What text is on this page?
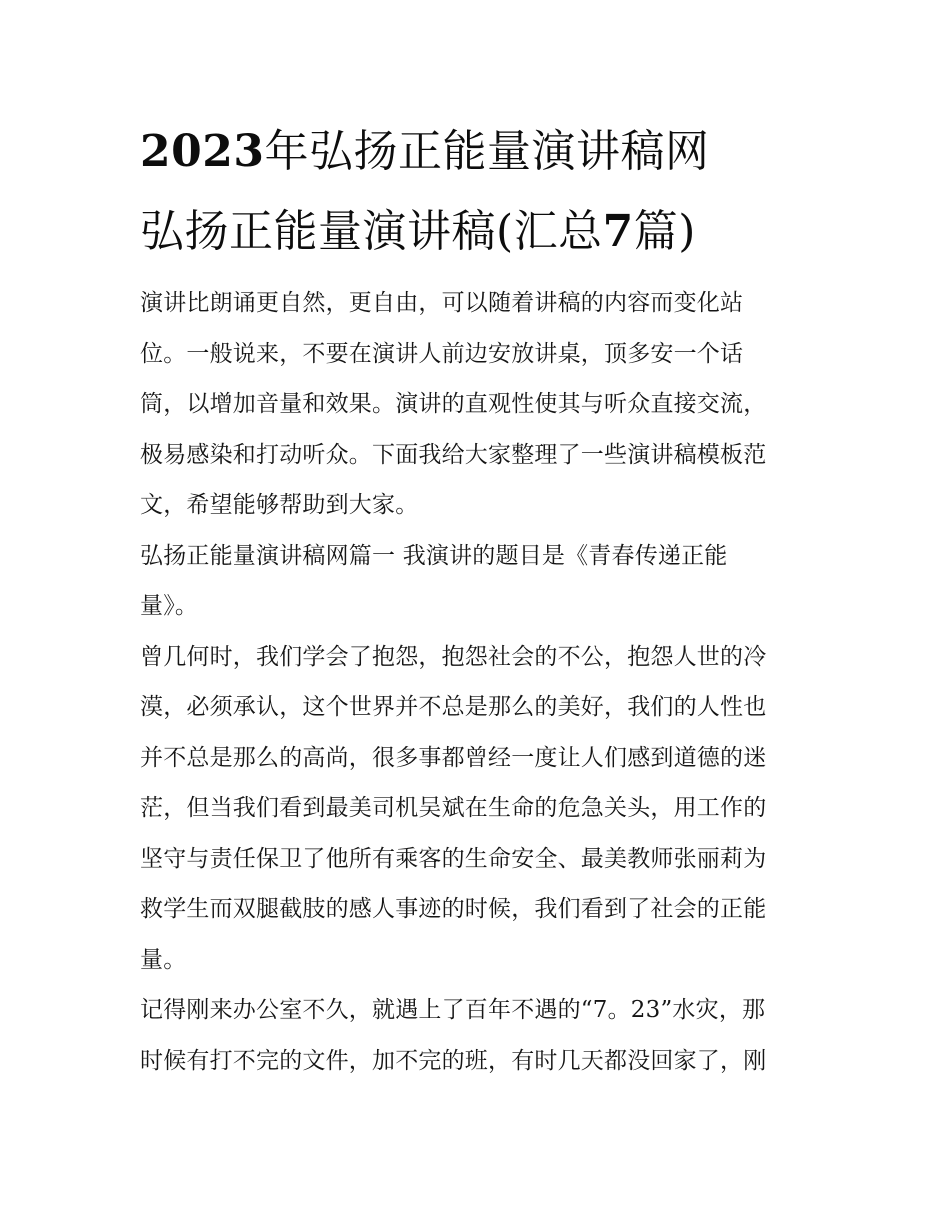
2023年弘扬正能量演讲稿网
弘扬正能量演讲稿(汇总7篇)

演讲比朗诵更自然，更自由，可以随着讲稿的内容而变化站
位。一般说来，不要在演讲人前边安放讲桌，顶多安一个话
筒，以增加音量和效果。演讲的直观性使其与听众直接交流，
极易感染和打动听众。下面我给大家整理了一些演讲稿模板范
文，希望能够帮助到大家。

弘扬正能量演讲稿网篇一 我演讲的题目是《青春传递正能
量》。

曾几何时，我们学会了抱怨，抱怨社会的不公，抱怨人世的冷
漠，必须承认，这个世界并不总是那么的美好，我们的人性也
并不总是那么的高尚，很多事都曾经一度让人们感到道德的迷
茫，但当我们看到最美司机吴斌在生命的危急关头，用工作的
坚守与责任保卫了他所有乘客的生命安全、最美教师张丽莉为
救学生而双腿截肢的感人事迹的时候，我们看到了社会的正能
量。

记得刚来办公室不久，就遇上了百年不遇的“7。23”水灾，那
时候有打不完的文件，加不完的班，有时几天都没回家了，刚
